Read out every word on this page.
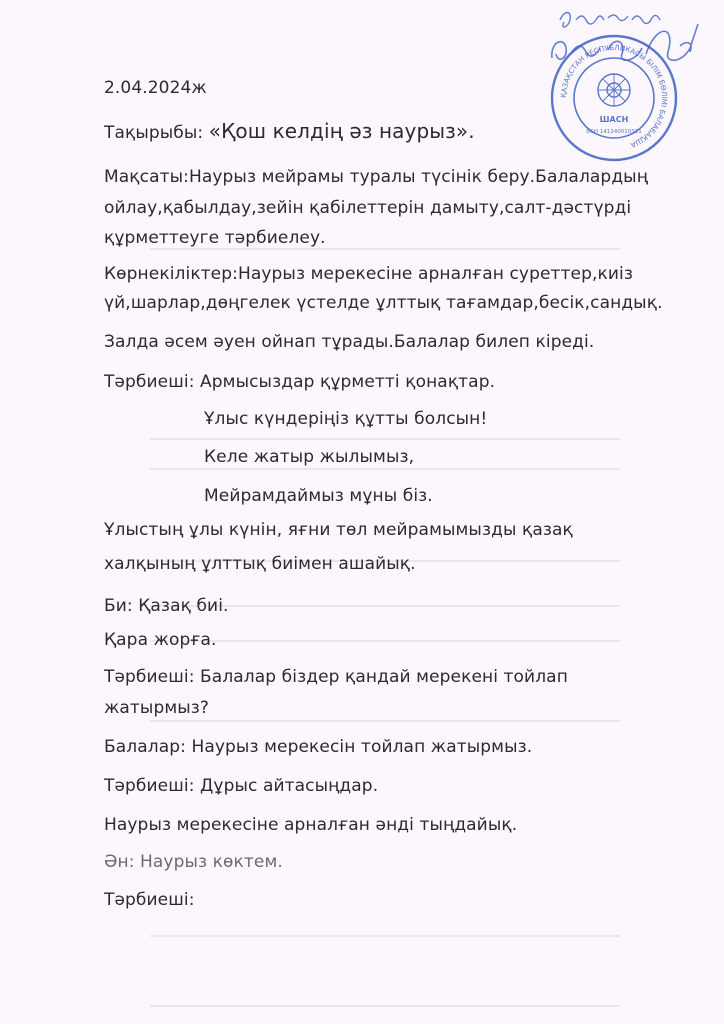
2.04.2024ж
Тақырыбы: «Қош келдің әз наурыз».
Мақсаты:Наурыз мейрамы туралы түсінік беру.Балалардың
ойлау,қабылдау,зейін қабілеттерін дамыту,салт-дәстүрді
құрметтеуге тәрбиелеу.
Көрнекіліктер:Наурыз мерекесіне арналған суреттер,киіз
үй,шарлар,дөңгелек үстелде ұлттық тағамдар,бесік,сандық.
Залда әсем әуен ойнап тұрады.Балалар билеп кіреді.
Тәрбиеші: Армысыздар құрметті қонақтар.
Ұлыс күндеріңіз құтты болсын!
Келе жатыр жылымыз,
Мейрамдаймыз мұны біз.
Ұлыстың ұлы күнін, яғни төл мейрамымызды қазақ
халқының ұлттық биімен ашайық.
Би: Қазақ биі.
Қара жорға.
Тәрбиеші: Балалар біздер қандай мерекені тойлап
жатырмыз?
Балалар: Наурыз мерекесін тойлап жатырмыз.
Тәрбиеші: Дұрыс айтасыңдар.
Наурыз мерекесіне арналған әнді тыңдайық.
Ән: Наурыз көктем.
Тәрбиеші:
ҚАЗАҚСТАН РЕСПУБЛИКАСЫ БІЛІМ БӨЛІМІ БАЛАБАҚША
ШАСН
БСН 141240010321
